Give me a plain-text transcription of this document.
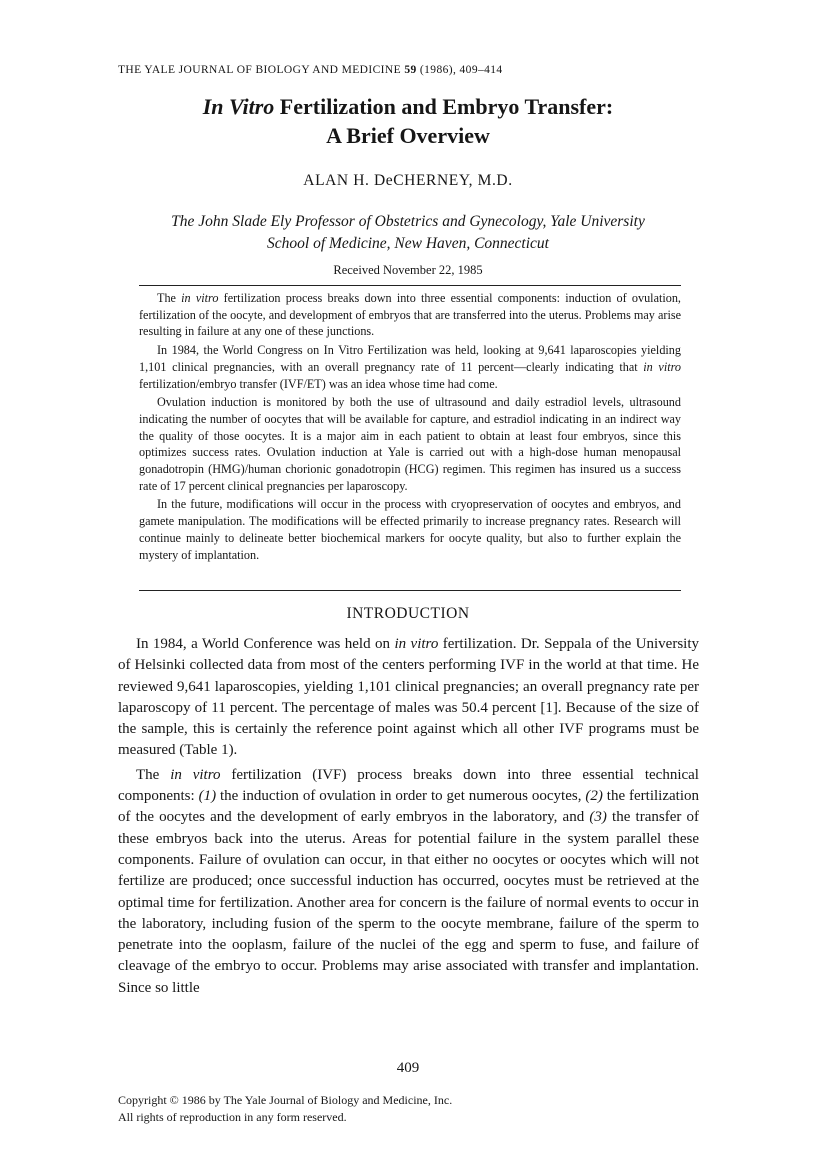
THE YALE JOURNAL OF BIOLOGY AND MEDICINE 59 (1986), 409–414
In Vitro Fertilization and Embryo Transfer:
A Brief Overview
ALAN H. DeCHERNEY, M.D.
The John Slade Ely Professor of Obstetrics and Gynecology, Yale University
School of Medicine, New Haven, Connecticut
Received November 22, 1985

The in vitro fertilization process breaks down into three essential components: induction of ovulation, fertilization of the oocyte, and development of embryos that are transferred into the uterus. Problems may arise resulting in failure at any one of these junctions.

In 1984, the World Congress on In Vitro Fertilization was held, looking at 9,641 laparoscopies yielding 1,101 clinical pregnancies, with an overall pregnancy rate of 11 percent—clearly indicating that in vitro fertilization/embryo transfer (IVF/ET) was an idea whose time had come.

Ovulation induction is monitored by both the use of ultrasound and daily estradiol levels, ultrasound indicating the number of oocytes that will be available for capture, and estradiol indicating in an indirect way the quality of those oocytes. It is a major aim in each patient to obtain at least four embryos, since this optimizes success rates. Ovulation induction at Yale is carried out with a high-dose human menopausal gonadotropin (HMG)/human chorionic gonadotropin (HCG) regimen. This regimen has insured us a success rate of 17 percent clinical pregnancies per laparoscopy.

In the future, modifications will occur in the process with cryopreservation of oocytes and embryos, and gamete manipulation. The modifications will be effected primarily to increase pregnancy rates. Research will continue mainly to delineate better biochemical markers for oocyte quality, but also to further explain the mystery of implantation.

INTRODUCTION

In 1984, a World Conference was held on in vitro fertilization. Dr. Seppala of the University of Helsinki collected data from most of the centers performing IVF in the world at that time. He reviewed 9,641 laparoscopies, yielding 1,101 clinical pregnancies; an overall pregnancy rate per laparoscopy of 11 percent. The percentage of males was 50.4 percent [1]. Because of the size of the sample, this is certainly the reference point against which all other IVF programs must be measured (Table 1).

The in vitro fertilization (IVF) process breaks down into three essential technical components: (1) the induction of ovulation in order to get numerous oocytes, (2) the fertilization of the oocytes and the development of early embryos in the laboratory, and (3) the transfer of these embryos back into the uterus. Areas for potential failure in the system parallel these components. Failure of ovulation can occur, in that either no oocytes or oocytes which will not fertilize are produced; once successful induction has occurred, oocytes must be retrieved at the optimal time for fertilization. Another area for concern is the failure of normal events to occur in the laboratory, including fusion of the sperm to the oocyte membrane, failure of the sperm to penetrate into the ooplasm, failure of the nuclei of the egg and sperm to fuse, and failure of cleavage of the embryo to occur. Problems may arise associated with transfer and implantation. Since so little

409
Copyright © 1986 by The Yale Journal of Biology and Medicine, Inc.
All rights of reproduction in any form reserved.
